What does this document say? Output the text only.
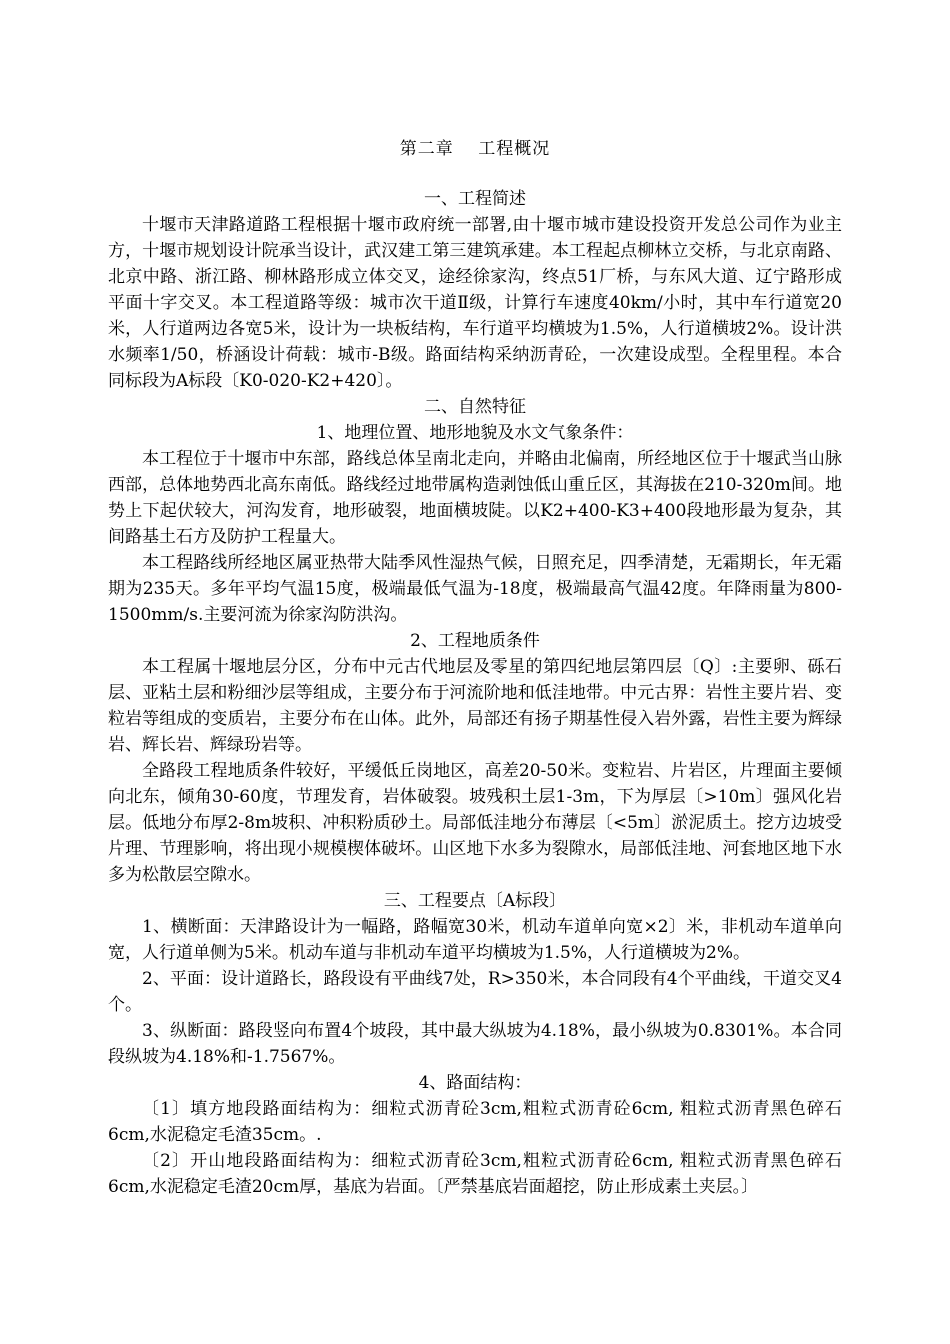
第二章　 工程概况
一、工程简述

十堰市天津路道路工程根据十堰市政府统一部署,由十堰市城市建设投资开发总公司作为业主方，十堰市规划设计院承当设计，武汉建工第三建筑承建。本工程起点柳林立交桥，与北京南路、北京中路、浙江路、柳林路形成立体交叉，途经徐家沟，终点51厂桥，与东风大道、辽宁路形成平面十字交叉。本工程道路等级：城市次干道Ⅱ级，计算行车速度40km/小时，其中车行道宽20米，人行道两边各宽5米，设计为一块板结构，车行道平均横坡为1.5%，人行道横坡2%。设计洪水频率1/50，桥涵设计荷载：城市-B级。路面结构采纳沥青砼，一次建设成型。全程里程。本合同标段为A标段〔K0-020-K2+420〕。

二、自然特征
1、地理位置、地形地貌及水文气象条件：

本工程位于十堰市中东部，路线总体呈南北走向，并略由北偏南，所经地区位于十堰武当山脉西部，总体地势西北高东南低。路线经过地带属构造剥蚀低山重丘区，其海拔在210-320m间。地势上下起伏较大，河沟发育，地形破裂，地面横坡陡。以K2+400-K3+400段地形最为复杂，其间路基土石方及防护工程量大。

本工程路线所经地区属亚热带大陆季风性湿热气候，日照充足，四季清楚，无霜期长，年无霜期为235天。多年平均气温15度，极端最低气温为-18度，极端最高气温42度。年降雨量为800-1500mm/s.主要河流为徐家沟防洪沟。

2、工程地质条件

本工程属十堰地层分区，分布中元古代地层及零星的第四纪地层第四层〔Q〕:主要卵、砾石层、亚粘土层和粉细沙层等组成，主要分布于河流阶地和低洼地带。中元古界：岩性主要片岩、变粒岩等组成的变质岩，主要分布在山体。此外，局部还有扬子期基性侵入岩外露，岩性主要为辉绿岩、辉长岩、辉绿玢岩等。

全路段工程地质条件较好，平缓低丘岗地区，高差20-50米。变粒岩、片岩区，片理面主要倾向北东，倾角30-60度，节理发育，岩体破裂。坡残积土层1-3m，下为厚层〔>10m〕强风化岩层。低地分布厚2-8m坡积、冲积粉质砂土。局部低洼地分布薄层〔<5m〕淤泥质土。挖方边坡受片理、节理影响，将出现小规模楔体破坏。山区地下水多为裂隙水，局部低洼地、河套地区地下水多为松散层空隙水。

三、工程要点〔A标段〕

1、横断面：天津路设计为一幅路，路幅宽30米，机动车道单向宽×2〕米，非机动车道单向宽，人行道单侧为5米。机动车道与非机动车道平均横坡为1.5%，人行道横坡为2%。

2、平面：设计道路长，路段设有平曲线7处，R>350米，本合同段有4个平曲线，干道交叉4个。

3、纵断面：路段竖向布置4个坡段，其中最大纵坡为4.18%，最小纵坡为0.8301%。本合同段纵坡为4.18%和-1.7567%。

4、路面结构：

〔1〕填方地段路面结构为：细粒式沥青砼3cm,粗粒式沥青砼6cm, 粗粒式沥青黑色碎石6cm,水泥稳定毛渣35cm。.

〔2〕开山地段路面结构为：细粒式沥青砼3cm,粗粒式沥青砼6cm, 粗粒式沥青黑色碎石6cm,水泥稳定毛渣20cm厚，基底为岩面。〔严禁基底岩面超挖，防止形成素土夹层。〕
